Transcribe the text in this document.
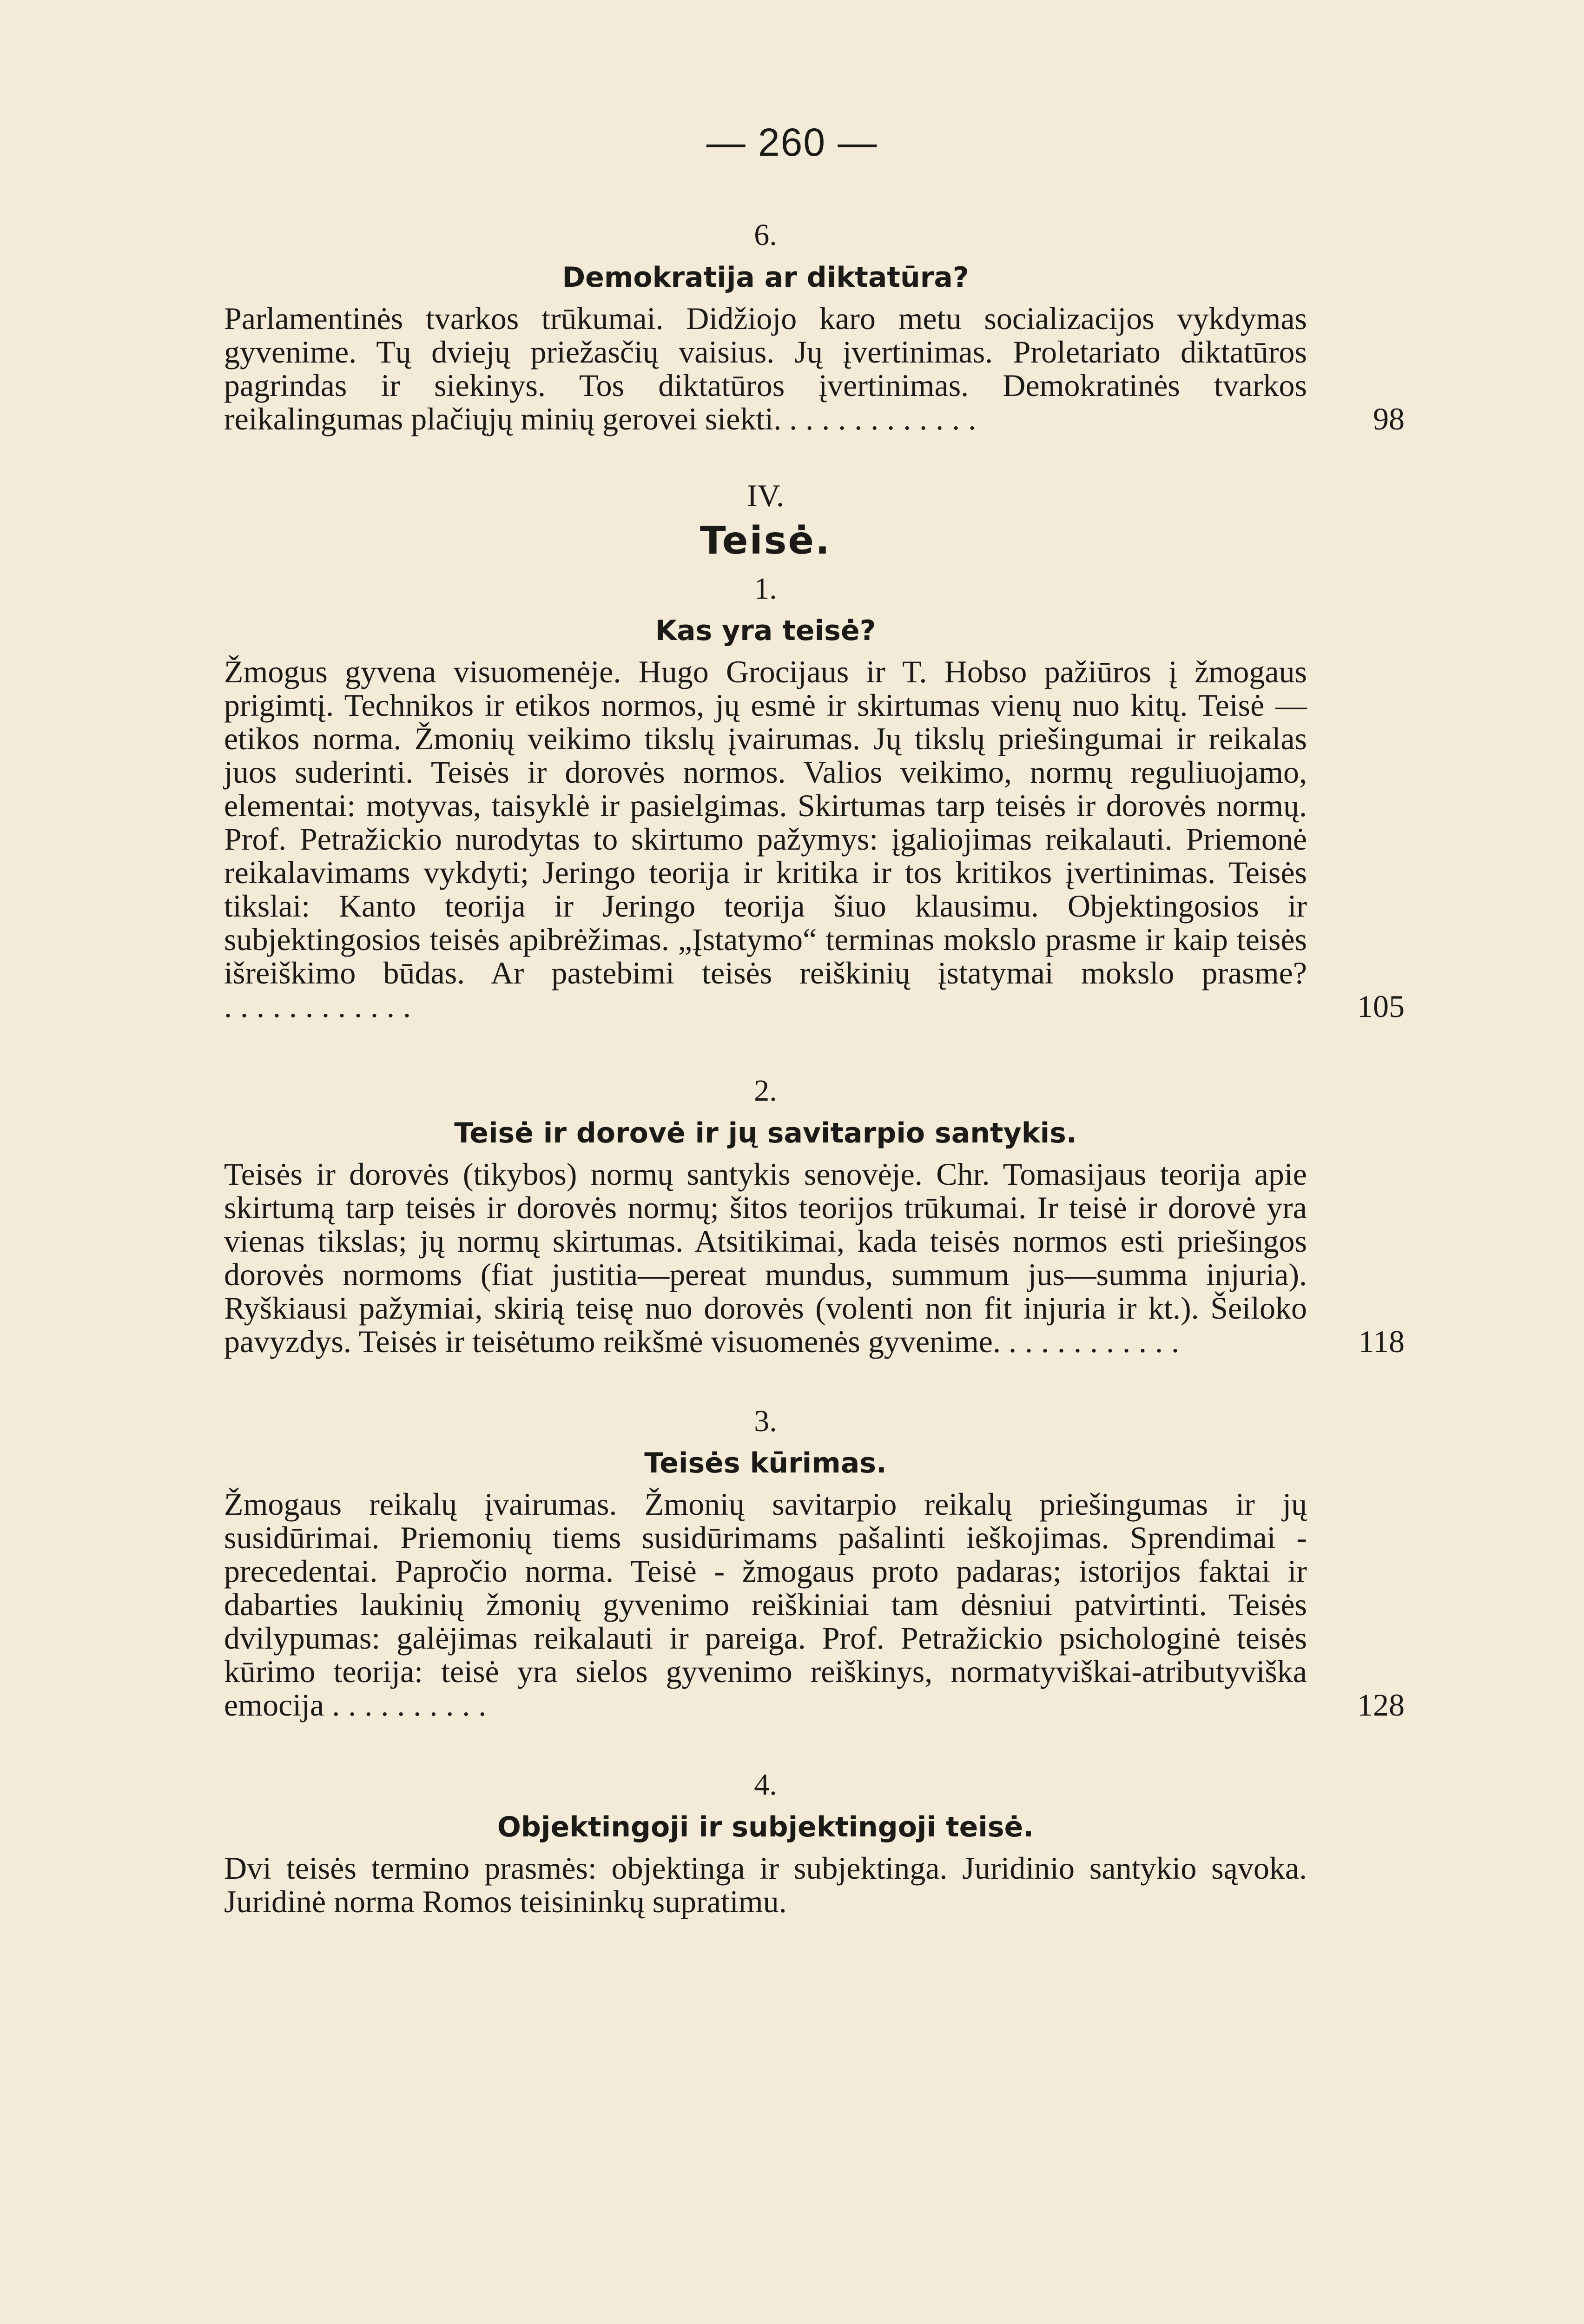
— 260 —

6.

Demokratija ar diktatūra?

Parlamentinės tvarkos trūkumai. Didžiojo karo metu socializacijos vykdymas gyvenime. Tų dviejų priežasčių vaisius. Jų įvertinimas. Proletariato diktatūros pagrindas ir siekinys. Tos diktatūros įvertinimas. Demokratinės tvarkos reikalingumas plačiųjų minių gerovei siekti. ............	98

IV.

Teisė.

1.

Kas yra teisė?

Žmogus gyvena visuomenėje. Hugo Grocijaus ir T. Hobso pažiūros į žmogaus prigimtį. Technikos ir etikos normos, jų esmė ir skirtumas vienų nuo kitų. Teisė — etikos norma. Žmonių veikimo tikslų įvairumas. Jų tikslų priešingumai ir reikalas juos suderinti. Teisės ir dorovės normos. Valios veikimo, normų reguliuojamo, elementai: motyvas, taisyklė ir pasielgimas. Skirtumas tarp teisės ir dorovės normų. Prof. Petražickio nurodytas to skirtumo pažymys: įgaliojimas reikalauti. Priemonė reikalavimams vykdyti; Jeringo teorija ir kritika ir tos kritikos įvertinimas. Teisės tikslai: Kanto teorija ir Jeringo teorija šiuo klausimu. Objektingosios ir subjektingosios teisės apibrėžimas. „Įstatymo“ terminas mokslo prasme ir kaip teisės išreiškimo būdas. Ar pastebimi teisės reiškinių įstatymai mokslo prasme? ............	105

2.

Teisė ir dorovė ir jų savitarpio santykis.

Teisės ir dorovės (tikybos) normų santykis senovėje. Chr. Tomasijaus teorija apie skirtumą tarp teisės ir dorovės normų; šitos teorijos trūkumai. Ir teisė ir dorovė yra vienas tikslas; jų normų skirtumas. Atsitikimai, kada teisės normos esti priešingos dorovės normoms (fiat justitia—pereat mundus, summum jus—summa injuria). Ryškiausi pažymiai, skirią teisę nuo dorovės (volenti non fit injuria ir kt.). Šeiloko pavyzdys. Teisės ir teisėtumo reikšmė visuomenės gyvenime. ...........	118

3.

Teisės kūrimas.

Žmogaus reikalų įvairumas. Žmonių savitarpio reikalų priešingumas ir jų susidūrimai. Priemonių tiems susidūrimams pašalinti ieškojimas. Sprendimai - precedentai. Papročio norma. Teisė - žmogaus proto padaras; istorijos faktai ir dabarties laukinių žmonių gyvenimo reiškiniai tam dėsniui patvirtinti. Teisės dvilypumas: galėjimas reikalauti ir pareiga. Prof. Petražickio psichologinė teisės kūrimo teorija: teisė yra sielos gyvenimo reiškinys, normatyviškai-atributyviška emocija ..........	128

4.

Objektingoji ir subjektingoji teisė.

Dvi teisės termino prasmės: objektinga ir subjektinga. Juridinio santykio sąvoka. Juridinė norma Romos teisininkų supratimu.
